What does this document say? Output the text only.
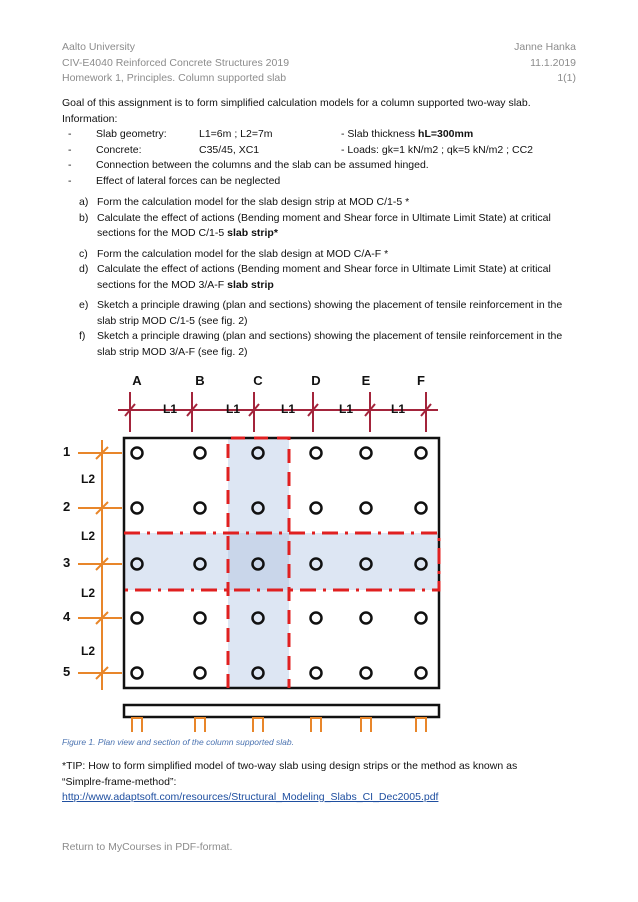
Aalto University
CIV-E4040 Reinforced Concrete Structures 2019
Homework 1, Principles. Column supported slab
Janne Hanka
11.1.2019
1(1)

Goal of this assignment is to form simplified calculation models for a column supported two-way slab.

Information:

- Slab geometry:	L1=6m ; L2=7m	- Slab thickness hL=300mm
- Concrete:	C35/45, XC1	- Loads: gk=1 kN/m2 ; qk=5 kN/m2 ; CC2
- Connection between the columns and the slab can be assumed hinged.
- Effect of lateral forces can be neglected
a) Form the calculation model for the slab design strip at MOD C/1-5 *
b) Calculate the effect of actions (Bending moment and Shear force in Ultimate Limit State) at critical sections for the MOD C/1-5 slab strip*
c) Form the calculation model for the slab design at MOD C/A-F *
d) Calculate the effect of actions (Bending moment and Shear force in Ultimate Limit State) at critical sections for the MOD 3/A-F slab strip
e) Sketch a principle drawing (plan and sections) showing the placement of tensile reinforcement in the slab strip MOD C/1-5 (see fig. 2)
f) Sketch a principle drawing (plan and sections) showing the placement of tensile reinforcement in the slab strip MOD 3/A-F (see fig. 2)
A	B	C	D	E	F
L1	L1	L1	L1	L1
1
2
3
4
5
L2
L2
L2
L2
Figure 1. Plan view and section of the column supported slab.
*TIP: How to form simplified model of two-way slab using design strips or the method as known as
“Simplre-frame-method”:
http://www.adaptsoft.com/resources/Structural_Modeling_Slabs_CI_Dec2005.pdf
Return to MyCourses in PDF-format.
